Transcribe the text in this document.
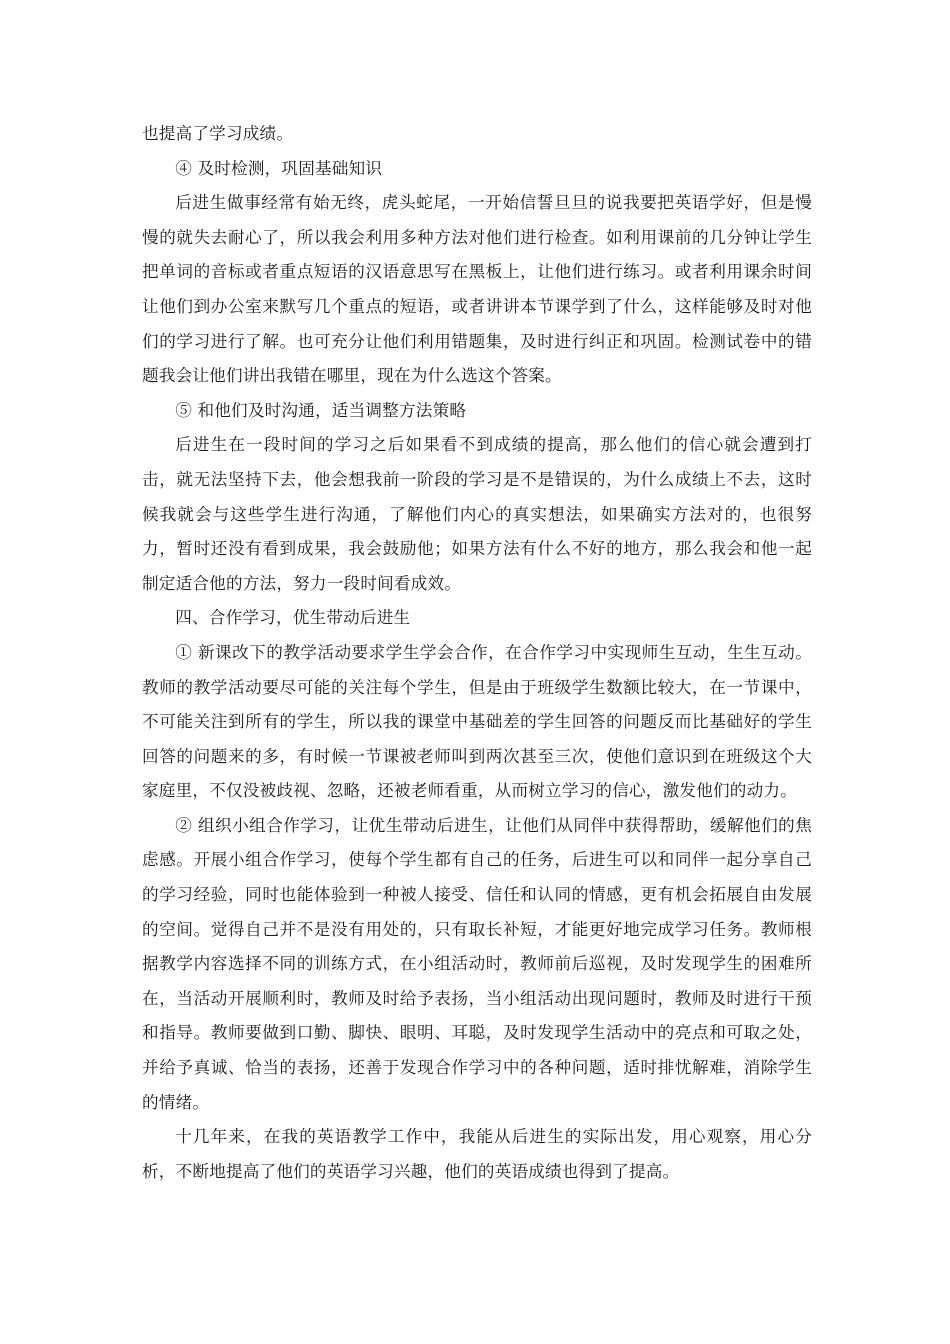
也提高了学习成绩。

④ 及时检测，巩固基础知识

后进生做事经常有始无终，虎头蛇尾，一开始信誓旦旦的说我要把英语学好，但是慢慢的就失去耐心了，所以我会利用多种方法对他们进行检查。如利用课前的几分钟让学生把单词的音标或者重点短语的汉语意思写在黑板上，让他们进行练习。或者利用课余时间让他们到办公室来默写几个重点的短语，或者讲讲本节课学到了什么，这样能够及时对他们的学习进行了解。也可充分让他们利用错题集，及时进行纠正和巩固。检测试卷中的错题我会让他们讲出我错在哪里，现在为什么选这个答案。

⑤ 和他们及时沟通，适当调整方法策略

后进生在一段时间的学习之后如果看不到成绩的提高，那么他们的信心就会遭到打击，就无法坚持下去，他会想我前一阶段的学习是不是错误的，为什么成绩上不去，这时候我就会与这些学生进行沟通，了解他们内心的真实想法，如果确实方法对的，也很努力，暂时还没有看到成果，我会鼓励他；如果方法有什么不好的地方，那么我会和他一起制定适合他的方法，努力一段时间看成效。

四、合作学习，优生带动后进生

① 新课改下的教学活动要求学生学会合作，在合作学习中实现师生互动，生生互动。教师的教学活动要尽可能的关注每个学生，但是由于班级学生数额比较大，在一节课中，不可能关注到所有的学生，所以我的课堂中基础差的学生回答的问题反而比基础好的学生回答的问题来的多，有时候一节课被老师叫到两次甚至三次，使他们意识到在班级这个大家庭里，不仅没被歧视、忽略，还被老师看重，从而树立学习的信心，激发他们的动力。

② 组织小组合作学习，让优生带动后进生，让他们从同伴中获得帮助，缓解他们的焦虑感。开展小组合作学习，使每个学生都有自己的任务，后进生可以和同伴一起分享自己的学习经验，同时也能体验到一种被人接受、信任和认同的情感，更有机会拓展自由发展的空间。觉得自己并不是没有用处的，只有取长补短，才能更好地完成学习任务。教师根据教学内容选择不同的训练方式，在小组活动时，教师前后巡视，及时发现学生的困难所在，当活动开展顺利时，教师及时给予表扬，当小组活动出现问题时，教师及时进行干预和指导。教师要做到口勤、脚快、眼明、耳聪，及时发现学生活动中的亮点和可取之处，并给予真诚、恰当的表扬，还善于发现合作学习中的各种问题，适时排忧解难，消除学生的情绪。

十几年来，在我的英语教学工作中，我能从后进生的实际出发，用心观察，用心分析，不断地提高了他们的英语学习兴趣，他们的英语成绩也得到了提高。
